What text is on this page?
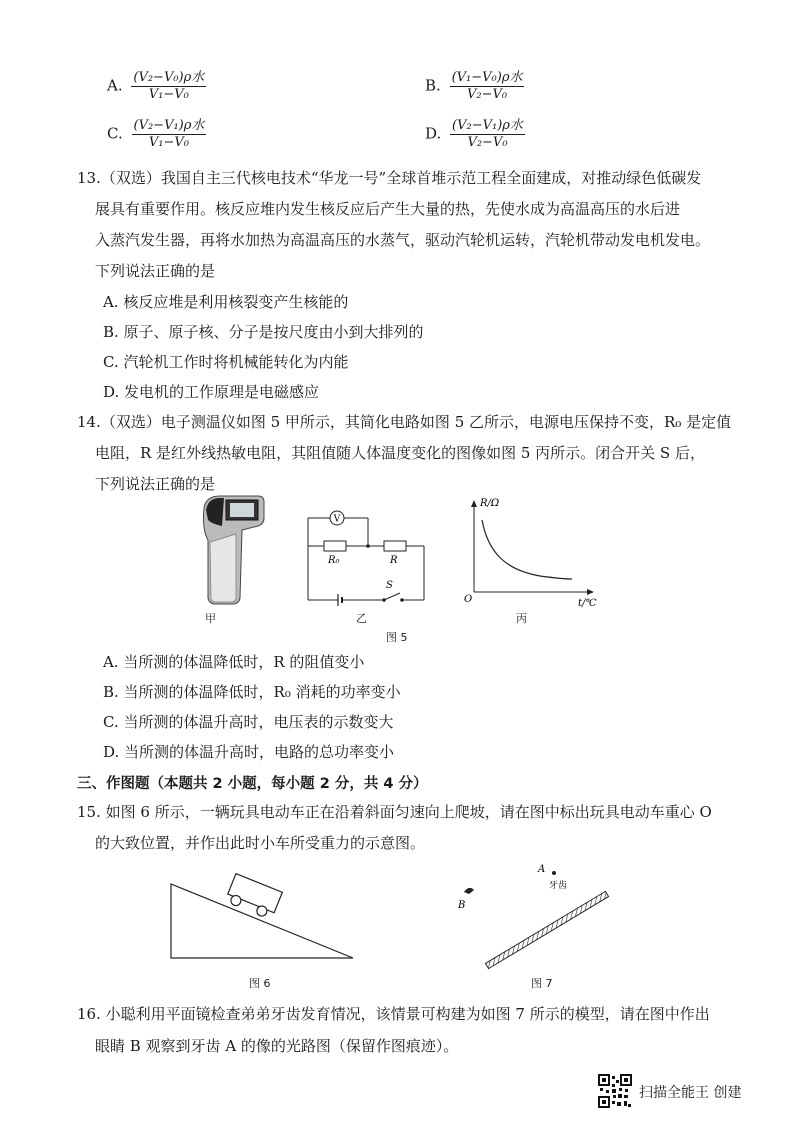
A. $\frac{\text{(V₂−V₀)ρ水}}{\text{V₁−V₀}}$	B. $\frac{\text{(V₁−V₀)ρ水}}{\text{V₂−V₀}}$
C. $\frac{\text{(V₂−V₁)ρ水}}{\text{V₁−V₀}}$	D. $\frac{\text{(V₂−V₁)ρ水}}{\text{V₂−V₀}}$
13.（双选）我国自主三代核电技术“华龙一号”全球首堆示范工程全面建成，对推动绿色低碳发
展具有重要作用。核反应堆内发生核反应后产生大量的热，先使水成为高温高压的水后进
入蒸汽发生器，再将水加热为高温高压的水蒸气，驱动汽轮机运转，汽轮机带动发电机发电。
下列说法正确的是
A. 核反应堆是利用核裂变产生核能的
B. 原子、原子核、分子是按尺度由小到大排列的
C. 汽轮机工作时将机械能转化为内能
D. 发电机的工作原理是电磁感应
14.（双选）电子测温仪如图 5 甲所示，其简化电路如图 5 乙所示，电源电压保持不变，R₀ 是定值
电阻，R 是红外线热敏电阻，其阻值随人体温度变化的图像如图 5 丙所示。闭合开关 S 后，
下列说法正确的是
甲
V
R₀	R
S
乙
R/Ω
O	t/℃
丙
图 5
A. 当所测的体温降低时，R 的阻值变小
B. 当所测的体温降低时，R₀ 消耗的功率变小
C. 当所测的体温升高时，电压表的示数变大
D. 当所测的体温升高时，电路的总功率变小
三、作图题（本题共 2 小题，每小题 2 分，共 4 分）
15. 如图 6 所示，一辆玩具电动车正在沿着斜面匀速向上爬坡，请在图中标出玩具电动车重心 O
的大致位置，并作出此时小车所受重力的示意图。
图 6
A
牙齿
B
图 7
16. 小聪利用平面镜检查弟弟牙齿发育情况，该情景可构建为如图 7 所示的模型，请在图中作出
眼睛 B 观察到牙齿 A 的像的光路图（保留作图痕迹）。
扫描全能王 创建
